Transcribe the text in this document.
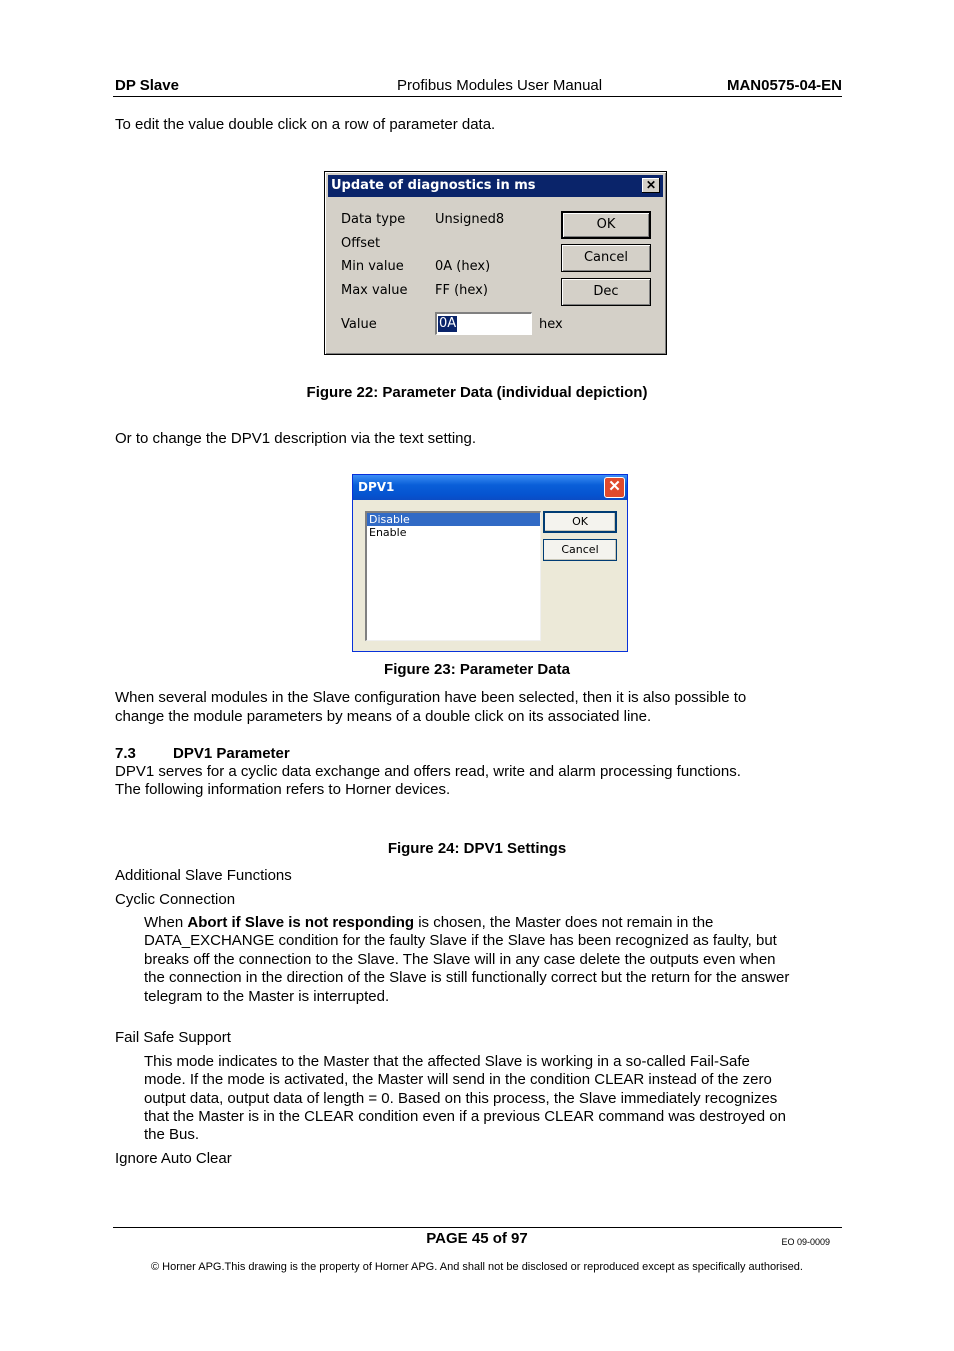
DP Slave	Profibus Modules User Manual	MAN0575-04-EN
To edit the value double click on a row of parameter data.
Update of diagnostics in ms	✕
Data type Unsigned8
Offset
Min value 0A (hex)
Max value FF (hex)
Value	0A	hex
OK
Cancel
Dec
Figure 22: Parameter Data (individual depiction)
Or to change the DPV1 description via the text setting.
DPV1	✕
Disable
Enable
OK
Cancel
Figure 23: Parameter Data
When several modules in the Slave configuration have been selected, then it is also possible to
change the module parameters by means of a double click on its associated line.
7.3 DPV1 Parameter
DPV1 serves for a cyclic data exchange and offers read, write and alarm processing functions.
The following information refers to Horner devices.
Figure 24: DPV1 Settings
Additional Slave Functions
Cyclic Connection
When Abort if Slave is not responding is chosen, the Master does not remain in the
DATA_EXCHANGE condition for the faulty Slave if the Slave has been recognized as faulty, but
breaks off the connection to the Slave. The Slave will in any case delete the outputs even when
the connection in the direction of the Slave is still functionally correct but the return for the answer
telegram to the Master is interrupted.
Fail Safe Support
This mode indicates to the Master that the affected Slave is working in a so-called Fail-Safe
mode. If the mode is activated, the Master will send in the condition CLEAR instead of the zero
output data, output data of length = 0. Based on this process, the Slave immediately recognizes
that the Master is in the CLEAR condition even if a previous CLEAR command was destroyed on
the Bus.
Ignore Auto Clear
PAGE 45 of 97	EO 09-0009
© Horner APG.This drawing is the property of Horner APG. And shall not be disclosed or reproduced except as specifically authorised.
